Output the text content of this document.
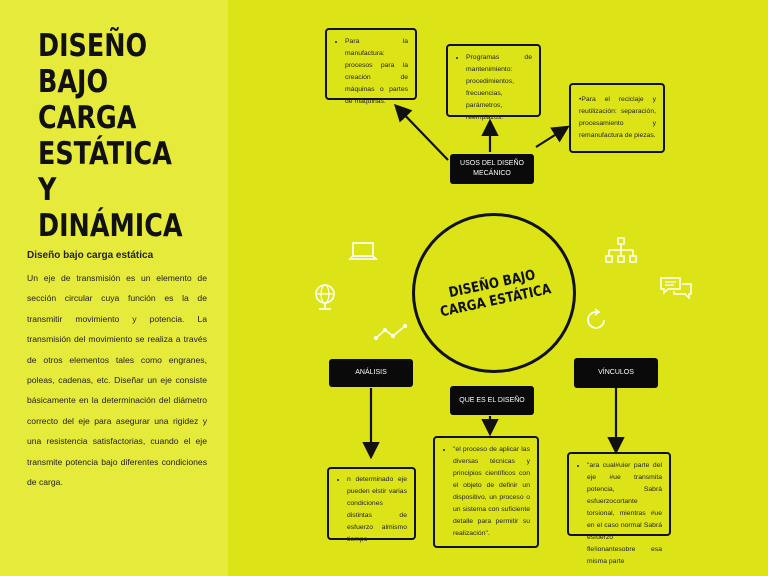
DISEÑO
BAJO
CARGA
ESTÁTICA Y
DINÁMICA

Diseño bajo carga estática

Un eje de transmisión es un elemento de sección circular cuya función es la de transmitir movimiento y potencia. La transmisión del movimiento se realiza a través de otros elementos tales como engranes, poleas, cadenas, etc. Diseñar un eje consiste básicamente en la determinación del diámetro correcto del eje para asegurar una rigidez y una resistencia satisfactorias, cuando el eje transmite potencia bajo diferentes condiciones de carga.

• Para la manufactura: procesos para la creación de máquinas o partes de máquinas.
• Programas de mantenimiento: procedimientos, frecuencias, parámetros, reemplazos.
•Para el reciclaje y reutilización: separación, procesamiento y remanufactura de piezas.
USOS DEL DISEÑO MECÁNICO
DISEÑO BAJO CARGA ESTÁTICA
ANÁLISIS	VÍNCULOS
QUE ES EL DISEÑO
• n determinado eje pueden elstir varias condiciones distintas de esfuerzo almismo tiempo
• "el proceso de aplicar las diversas técnicas y principios científicos con el objeto de definir un dispositivo, un proceso o un sistema con suficiente detalle para permitir su realización".
• "ara cual#uier parte del eje #ue transmita potencia, Sabrá esfuerzocortante torsional, mientras #ue en el caso normal Sabrá esfuerzo fle!ionantesobre esa misma parte
